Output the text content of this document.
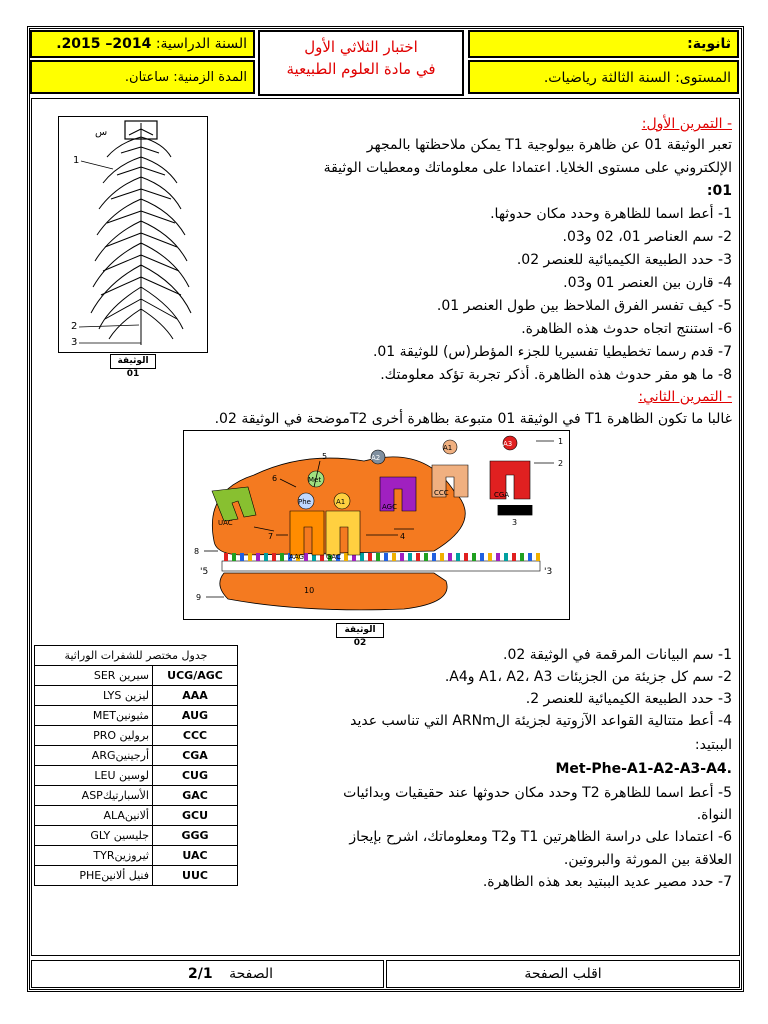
ثانوية:
المستوى: السنة الثالثة رياضيات.
السنة الدراسية: 2014– 2015.
المدة الزمنية: ساعتان.
اختبار الثلاثي الأول
في مادة العلوم الطبيعية
س
1
2
3
الوثيقة 01
- التمرين الأول:
تعبر الوثيقة 01 عن ظاهرة بيولوجية T1 يمكن ملاحظتها بالمجهر
الإلكتروني على مستوى الخلايا. اعتمادا على معلوماتك ومعطيات الوثيقة
01:
1- أعط اسما للظاهرة وحدد مكان حدوثها.
2- سم العناصر 01، 02 و03.
3- حدد الطبيعة الكيميائية للعنصر 02.
4- قارن بين العنصر 01 و03.
5- كيف تفسر الفرق الملاحظ بين طول العنصر 01.
6- استنتج اتجاه حدوث هذه الظاهرة.
7- قدم رسما تخطيطيا تفسيريا للجزء المؤطر(س) للوثيقة 01.
8- ما هو مقر حدوث هذه الظاهرة. أذكر تجربة تؤكد معلومتك.
- التمرين الثاني:
غالبا ما تكون الظاهرة T1 في الوثيقة 01 متبوعة بظاهرة أخرى T2موضحة في الوثيقة 02.
'5	'3
Phe
AAG
A1
GAC
Met
A3
CGA
A1
CCC
A2
AGC
UAC
1
2
3
4
5
6
7
8
9
10
الوثيقة 02
جدول مختصر للشفرات الوراثية	
سيرين SER	UCG/AGC
ليزين LYS	AAA
مثيونينMET	AUG
برولين PRO	CCC
أرجينينARG	CGA
لوسين LEU	CUG
الأسبارتيكASP	GAC
ألانينALA	GCU
جليسين GLY	GGG
ثيروزينTYR	UAC
فنيل ألانينPHE	UUC
1- سم البيانات المرقمة في الوثيقة 02.
2- سم كل جزيئة من الجزيئات A1، A2، A3 وA4.
3- حدد الطبيعة الكيميائية للعنصر 2.
4- أعط متتالية القواعد الآزوتية لجزيئة الARNm التي تناسب عديد
الببتيد:
Met-Phe-A1-A2-A3-A4.
5- أعط اسما للظاهرة T2 وحدد مكان حدوثها عند حقيقيات وبدائيات
النواة.
6- اعتمادا على دراسة الظاهرتين T1 وT2 ومعلوماتك، اشرح بإيجاز
العلاقة بين المورثة والبروتين.
7- حدد مصير عديد الببتيد بعد هذه الظاهرة.
اقلب الصفحة
الصفحة 2/1
